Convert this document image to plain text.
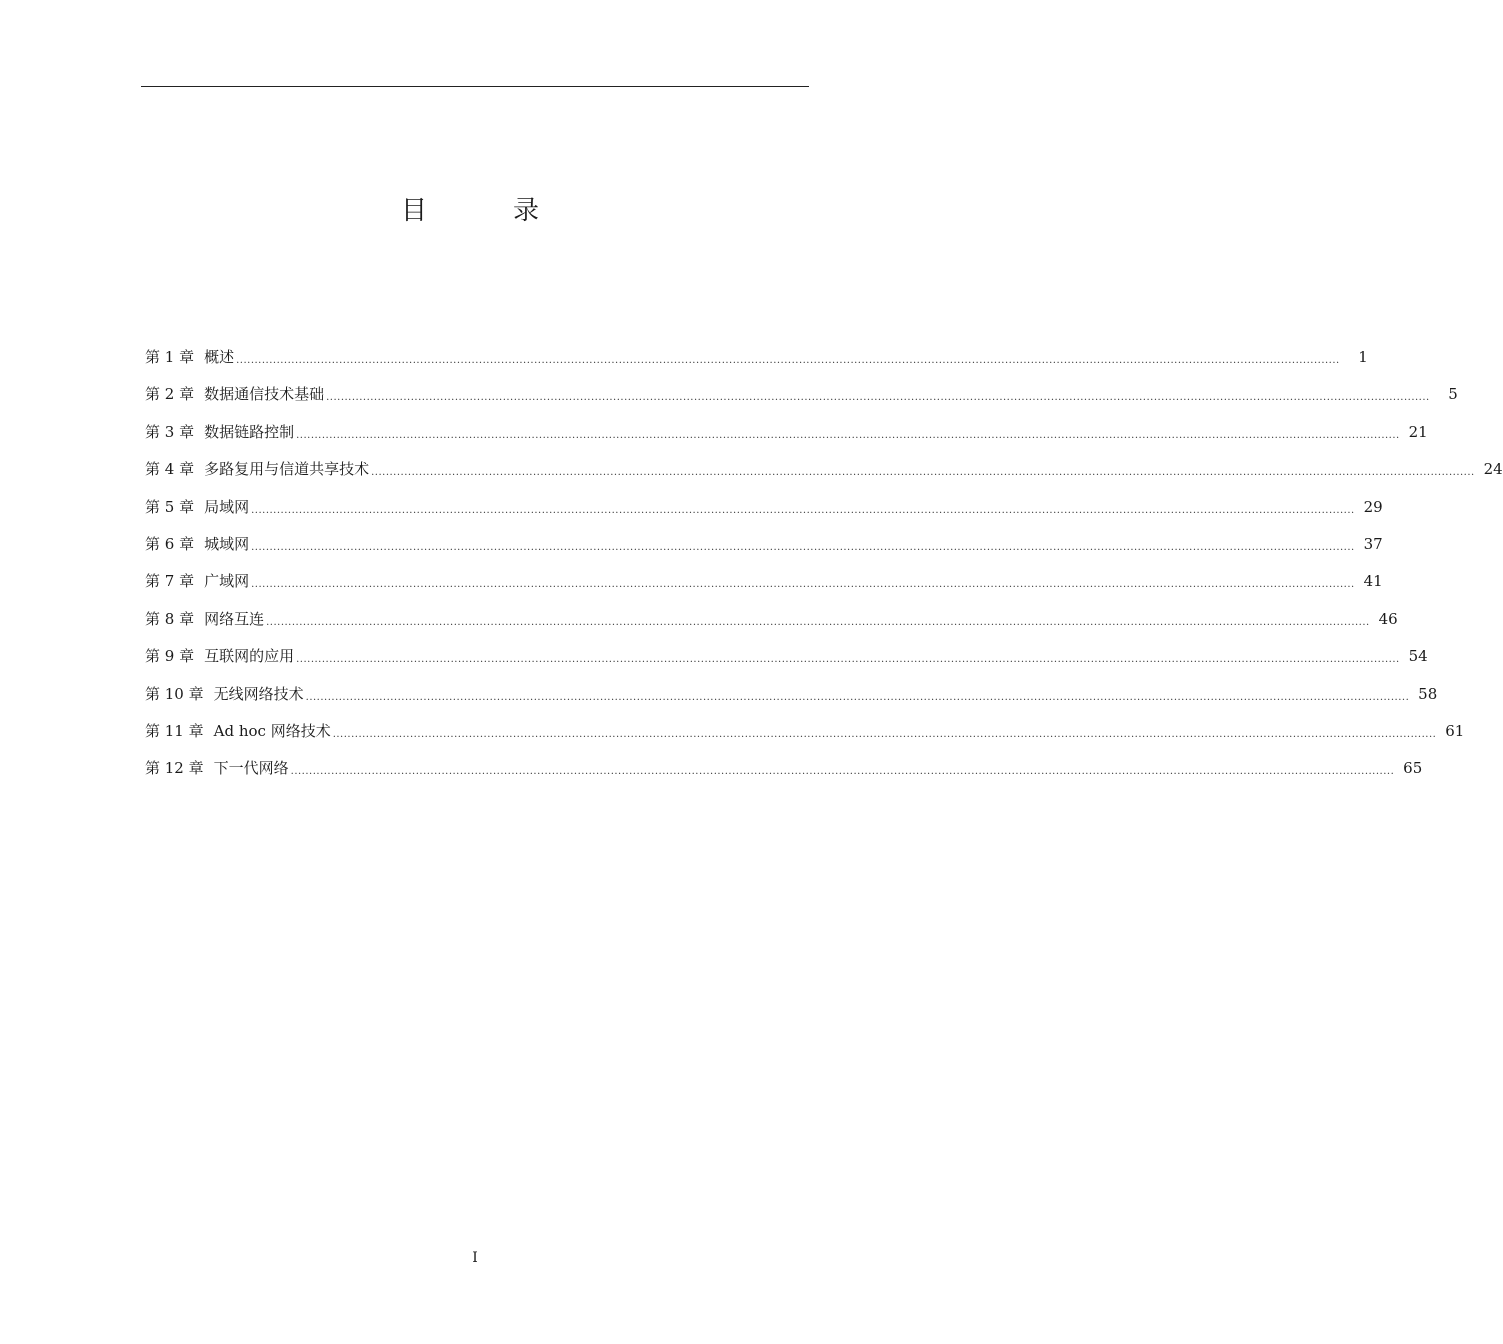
目　录
第 1 章 概述 ............................................................................................................................................................................................................................................................................................................	1
第 2 章 数据通信技术基础 ............................................................................................................................................................................................................................................................................................................	5
第 3 章 数据链路控制 ............................................................................................................................................................................................................................................................................................................ 21
第 4 章 多路复用与信道共享技术 ............................................................................................................................................................................................................................................................................................................ 24
第 5 章 局域网 ............................................................................................................................................................................................................................................................................................................ 29
第 6 章 城域网 ............................................................................................................................................................................................................................................................................................................ 37
第 7 章 广域网 ............................................................................................................................................................................................................................................................................................................ 41
第 8 章 网络互连 ............................................................................................................................................................................................................................................................................................................ 46
第 9 章 互联网的应用 ............................................................................................................................................................................................................................................................................................................ 54
第 10 章 无线网络技术 ............................................................................................................................................................................................................................................................................................................ 58
第 11 章 Ad hoc 网络技术 ............................................................................................................................................................................................................................................................................................................ 61
第 12 章 下一代网络 ............................................................................................................................................................................................................................................................................................................ 65
I
